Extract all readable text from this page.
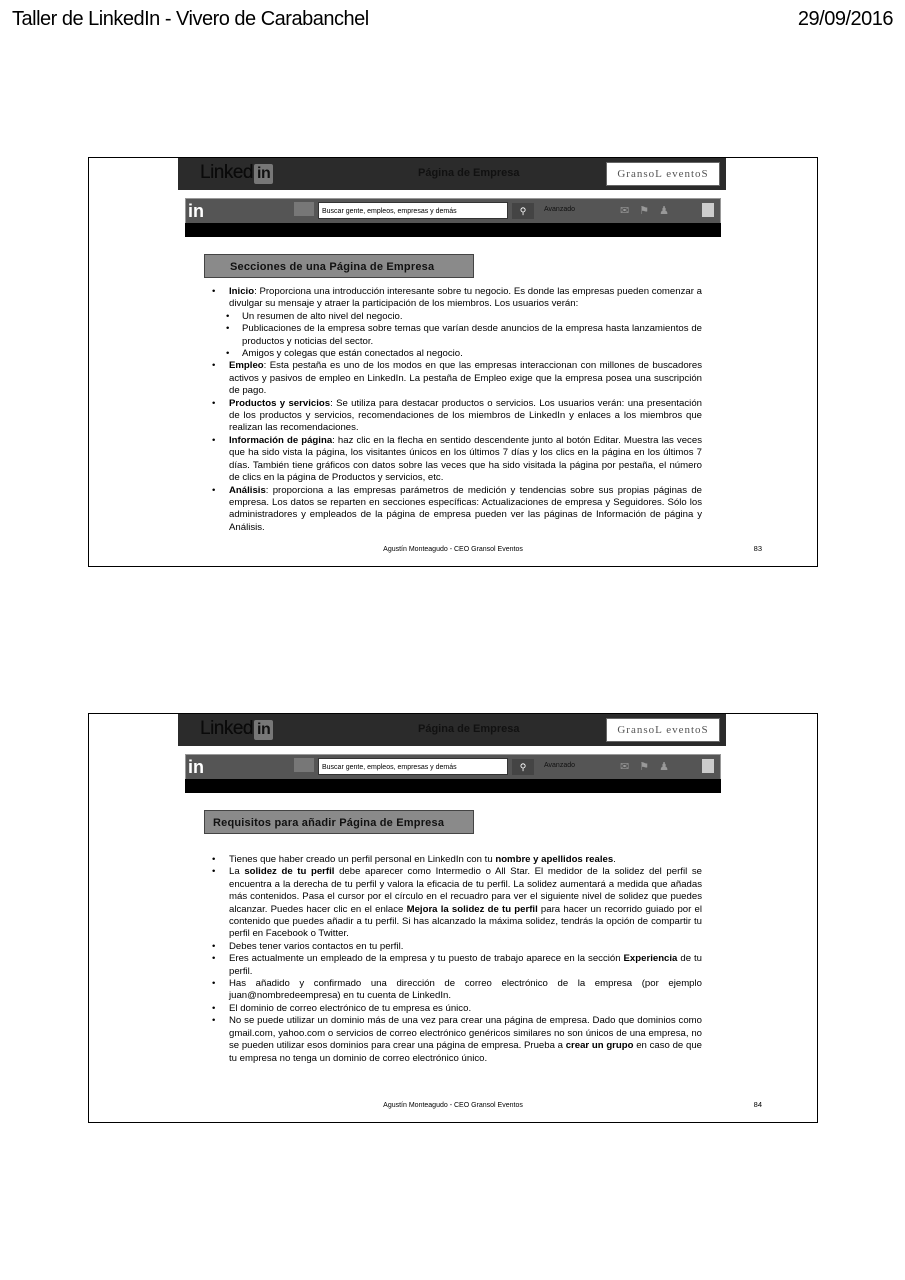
Taller de LinkedIn - Vivero de Carabanchel	29/09/2016
Linked in	Página de Empresa	GransoL eventoS
in	Buscar gente, empleos, empresas y demás	⚲	Avanzado	✉⚑♟
Secciones de una Página de Empresa
• Inicio: Proporciona una introducción interesante sobre tu negocio. Es donde las empresas pueden comenzar a divulgar su mensaje y atraer la participación de los miembros. Los usuarios verán:
• Un resumen de alto nivel del negocio.
• Publicaciones de la empresa sobre temas que varían desde anuncios de la empresa hasta lanzamientos de productos y noticias del sector.
• Amigos y colegas que están conectados al negocio.
• Empleo: Esta pestaña es uno de los modos en que las empresas interaccionan con millones de buscadores activos y pasivos de empleo en LinkedIn. La pestaña de Empleo exige que la empresa posea una suscripción de pago.
• Productos y servicios: Se utiliza para destacar productos o servicios. Los usuarios verán: una presentación de los productos y servicios, recomendaciones de los miembros de LinkedIn y enlaces a los miembros que realizan las recomendaciones.
• Información de página: haz clic en la flecha en sentido descendente junto al botón Editar. Muestra las veces que ha sido vista la página, los visitantes únicos en los últimos 7 días y los clics en la página en los últimos 7 días. También tiene gráficos con datos sobre las veces que ha sido visitada la página por pestaña, el número de clics en la página de Productos y servicios, etc.
• Análisis: proporciona a las empresas parámetros de medición y tendencias sobre sus propias páginas de empresa. Los datos se reparten en secciones específicas: Actualizaciones de empresa y Seguidores. Sólo los administradores y empleados de la página de empresa pueden ver las páginas de Información de página y Análisis.
Agustín Monteagudo - CEO Gransol Eventos	83
Linked in	Página de Empresa	GransoL eventoS
in	Buscar gente, empleos, empresas y demás	⚲	Avanzado	✉⚑♟
Requisitos para añadir Página de Empresa
• Tienes que haber creado un perfil personal en LinkedIn con tu nombre y apellidos reales.
• La solidez de tu perfil debe aparecer como Intermedio o All Star. El medidor de la solidez del perfil se encuentra a la derecha de tu perfil y valora la eficacia de tu perfil. La solidez aumentará a medida que añadas más contenidos. Pasa el cursor por el círculo en el recuadro para ver el siguiente nivel de solidez que puedes alcanzar. Puedes hacer clic en el enlace Mejora la solidez de tu perfil para hacer un recorrido guiado por el contenido que puedes añadir a tu perfil. Si has alcanzado la máxima solidez, tendrás la opción de compartir tu perfil en Facebook o Twitter.
• Debes tener varios contactos en tu perfil.
• Eres actualmente un empleado de la empresa y tu puesto de trabajo aparece en la sección Experiencia de tu perfil.
• Has añadido y confirmado una dirección de correo electrónico de la empresa (por ejemplo juan@nombredeempresa) en tu cuenta de LinkedIn.
• El dominio de correo electrónico de tu empresa es único.
• No se puede utilizar un dominio más de una vez para crear una página de empresa. Dado que dominios como gmail.com, yahoo.com o servicios de correo electrónico genéricos similares no son únicos de una empresa, no se pueden utilizar esos dominios para crear una página de empresa. Prueba a crear un grupo en caso de que tu empresa no tenga un dominio de correo electrónico único.
Agustín Monteagudo - CEO Gransol Eventos	84
